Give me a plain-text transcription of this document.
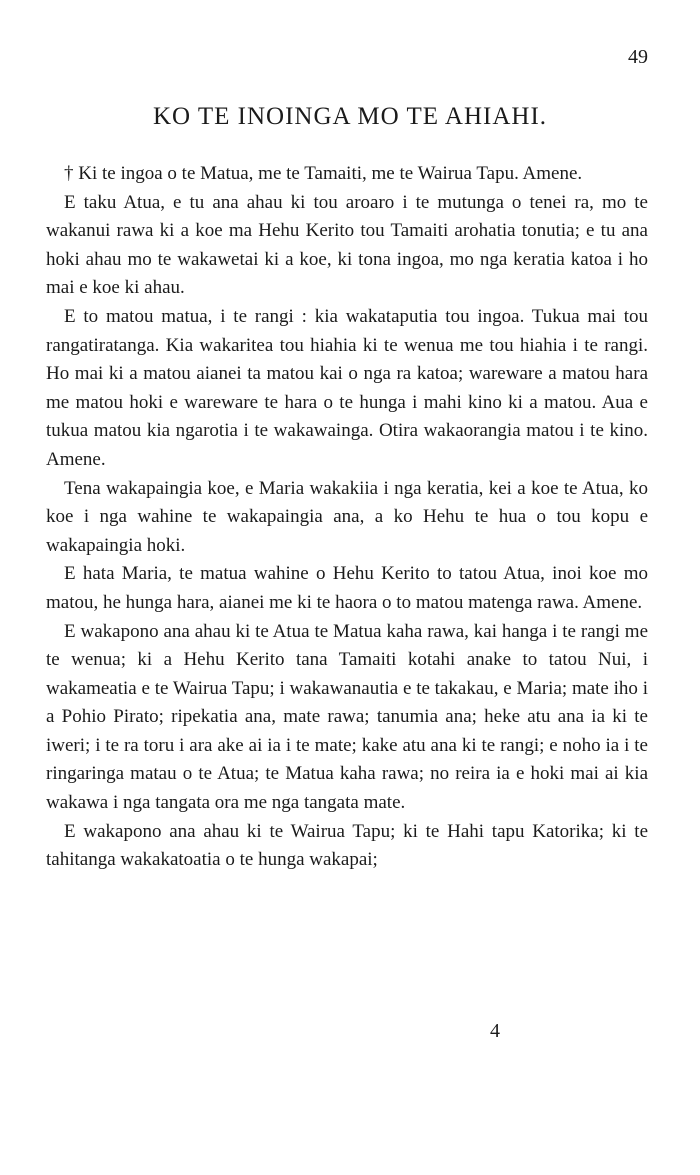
49
KO TE INOINGA MO TE AHIAHI.

† Ki te ingoa o te Matua, me te Tamaiti, me te Wairua Tapu. Amene.

E taku Atua, e tu ana ahau ki tou aroaro i te mutunga o tenei ra, mo te wakanui rawa ki a koe ma Hehu Kerito tou Tamaiti arohatia tonutia; e tu ana hoki ahau mo te wakawetai ki a koe, ki tona ingoa, mo nga keratia katoa i ho mai e koe ki ahau.

E to matou matua, i te rangi : kia wakataputia tou ingoa. Tukua mai tou rangatiratanga. Kia wakaritea tou hiahia ki te wenua me tou hiahia i te rangi. Ho mai ki a matou aianei ta matou kai o nga ra katoa; wareware a matou hara me matou hoki e wareware te hara o te hunga i mahi kino ki a matou. Aua e tukua matou kia ngarotia i te wakawainga. Otira wakaorangia matou i te kino. Amene.

Tena wakapaingia koe, e Maria wakakiia i nga keratia, kei a koe te Atua, ko koe i nga wahine te wakapaingia ana, a ko Hehu te hua o tou kopu e wakapaingia hoki.

E hata Maria, te matua wahine o Hehu Kerito to tatou Atua, inoi koe mo matou, he hunga hara, aianei me ki te haora o to matou matenga rawa. Amene.

E wakapono ana ahau ki te Atua te Matua kaha rawa, kai hanga i te rangi me te wenua; ki a Hehu Kerito tana Tamaiti kotahi anake to tatou Nui, i wakameatia e te Wairua Tapu; i wakawanautia e te takakau, e Maria; mate iho i a Pohio Pirato; ripekatia ana, mate rawa; tanumia ana; heke atu ana ia ki te iweri; i te ra toru i ara ake ai ia i te mate; kake atu ana ki te rangi; e noho ia i te ringaringa matau o te Atua; te Matua kaha rawa; no reira ia e hoki mai ai kia wakawa i nga tangata ora me nga tangata mate.

E wakapono ana ahau ki te Wairua Tapu; ki te Hahi tapu Katorika; ki te tahitanga wakakatoatia o te hunga wakapai;

4
